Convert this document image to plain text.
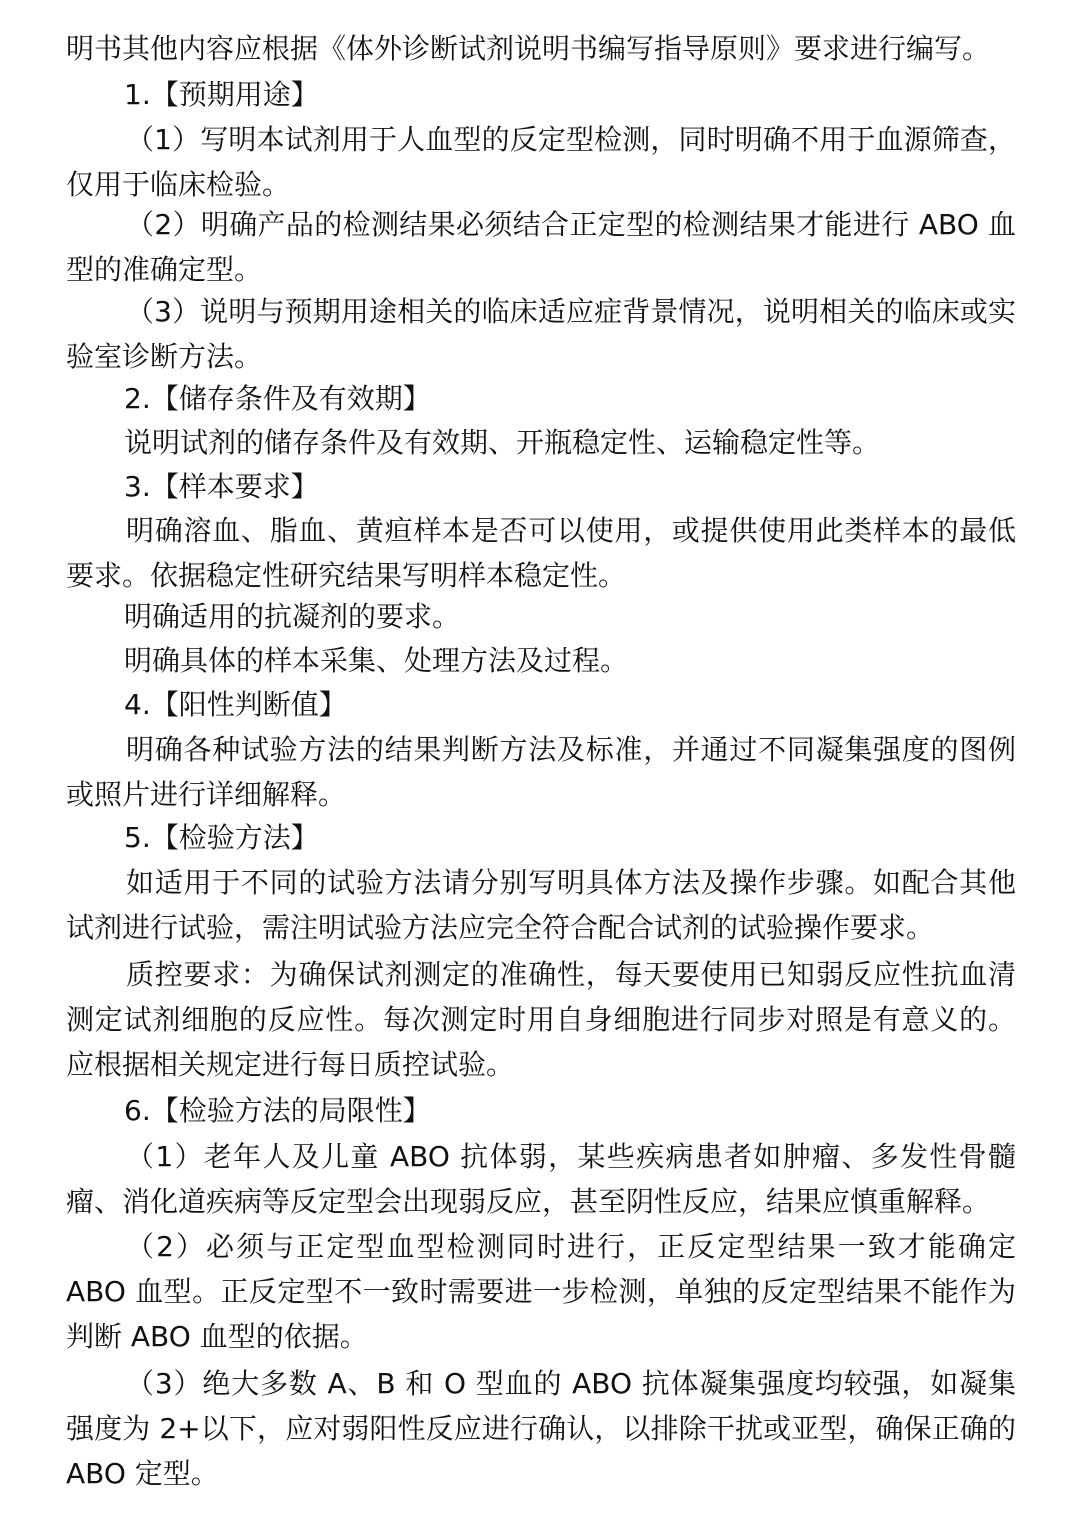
明书其他内容应根据《体外诊断试剂说明书编写指导原则》要求进行编写。

1.【预期用途】

（1）写明本试剂用于人血型的反定型检测，同时明确不用于血源筛查，仅用于临床检验。

（2）明确产品的检测结果必须结合正定型的检测结果才能进行 ABO 血型的准确定型。

（3）说明与预期用途相关的临床适应症背景情况，说明相关的临床或实验室诊断方法。

2.【储存条件及有效期】

说明试剂的储存条件及有效期、开瓶稳定性、运输稳定性等。

3.【样本要求】

明确溶血、脂血、黄疸样本是否可以使用，或提供使用此类样本的最低要求。依据稳定性研究结果写明样本稳定性。

明确适用的抗凝剂的要求。

明确具体的样本采集、处理方法及过程。

4.【阳性判断值】

明确各种试验方法的结果判断方法及标准，并通过不同凝集强度的图例或照片进行详细解释。

5.【检验方法】

如适用于不同的试验方法请分别写明具体方法及操作步骤。如配合其他试剂进行试验，需注明试验方法应完全符合配合试剂的试验操作要求。

质控要求：为确保试剂测定的准确性，每天要使用已知弱反应性抗血清测定试剂细胞的反应性。每次测定时用自身细胞进行同步对照是有意义的。应根据相关规定进行每日质控试验。

6.【检验方法的局限性】

（1）老年人及儿童 ABO 抗体弱，某些疾病患者如肿瘤、多发性骨髓瘤、消化道疾病等反定型会出现弱反应，甚至阴性反应，结果应慎重解释。

（2）必须与正定型血型检测同时进行，正反定型结果一致才能确定 ABO 血型。正反定型不一致时需要进一步检测，单独的反定型结果不能作为判断 ABO 血型的依据。

（3）绝大多数 A、B 和 O 型血的 ABO 抗体凝集强度均较强，如凝集强度为 2+以下，应对弱阳性反应进行确认，以排除干扰或亚型，确保正确的 ABO 定型。
